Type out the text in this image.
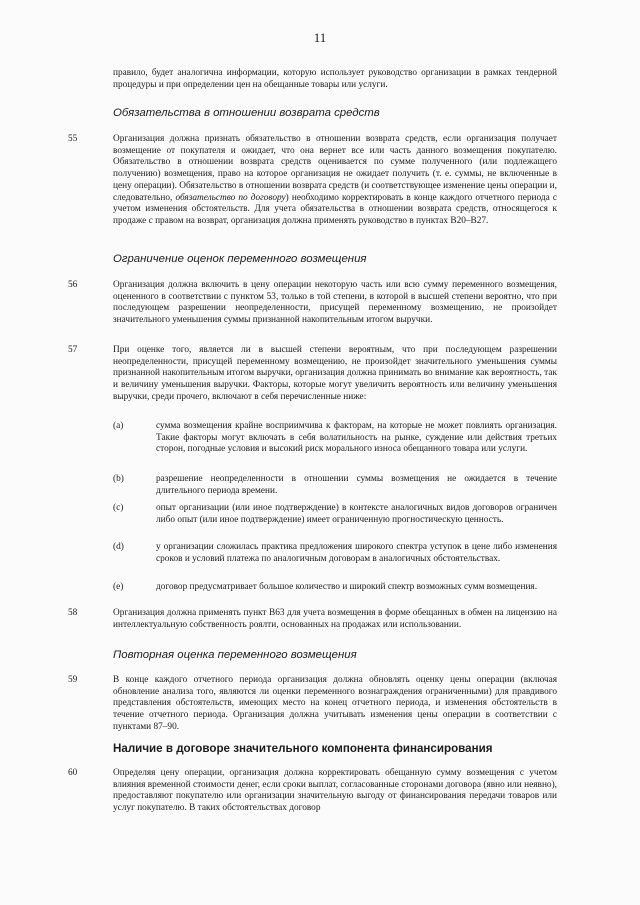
11
правило, будет аналогична информации, которую использует руководство организации в рамках тендерной процедуры и при определении цен на обещанные товары или услуги.
Обязательства в отношении возврата средств
55	Организация должна признать обязательство в отношении возврата средств, если организация получает возмещение от покупателя и ожидает, что она вернет все или часть данного возмещения покупателю. Обязательство в отношении возврата средств оценивается по сумме полученного (или подлежащего получению) возмещения, право на которое организация не ожидает получить (т. е. суммы, не включенные в цену операции). Обязательство в отношении возврата средств (и соответствующее изменение цены операции и, следовательно, обязательство по договору) необходимо корректировать в конце каждого отчетного периода с учетом изменения обстоятельств. Для учета обязательства в отношении возврата средств, относящегося к продаже с правом на возврат, организация должна применять руководство в пунктах B20–B27.
Ограничение оценок переменного возмещения
56	Организация должна включить в цену операции некоторую часть или всю сумму переменного возмещения, оцененного в соответствии с пунктом 53, только в той степени, в которой в высшей степени вероятно, что при последующем разрешении неопределенности, присущей переменному возмещению, не произойдет значительного уменьшения суммы признанной накопительным итогом выручки.
57	При оценке того, является ли в высшей степени вероятным, что при последующем разрешении неопределенности, присущей переменному возмещению, не произойдет значительного уменьшения суммы признанной накопительным итогом выручки, организация должна принимать во внимание как вероятность, так и величину уменьшения выручки. Факторы, которые могут увеличить вероятность или величину уменьшения выручки, среди прочего, включают в себя перечисленные ниже:
(a)	сумма возмещения крайне восприимчива к факторам, на которые не может повлиять организация. Такие факторы могут включать в себя волатильность на рынке, суждение или действия третьих сторон, погодные условия и высокий риск морального износа обещанного товара или услуги.
(b)	разрешение неопределенности в отношении суммы возмещения не ожидается в течение длительного периода времени.
(c)	опыт организации (или иное подтверждение) в контексте аналогичных видов договоров ограничен либо опыт (или иное подтверждение) имеет ограниченную прогностическую ценность.
(d)	у организации сложилась практика предложения широкого спектра уступок в цене либо изменения сроков и условий платежа по аналогичным договорам в аналогичных обстоятельствах.
(e)	договор предусматривает большое количество и широкий спектр возможных сумм возмещения.
58	Организация должна применять пункт B63 для учета возмещения в форме обещанных в обмен на лицензию на интеллектуальную собственность роялти, основанных на продажах или использовании.
Повторная оценка переменного возмещения
59	В конце каждого отчетного периода организация должна обновлять оценку цены операции (включая обновление анализа того, являются ли оценки переменного вознаграждения ограниченными) для правдивого представления обстоятельств, имеющих место на конец отчетного периода, и изменения обстоятельств в течение отчетного периода. Организация должна учитывать изменения цены операции в соответствии с пунктами 87–90.
Наличие в договоре значительного компонента финансирования
60	Определяя цену операции, организация должна корректировать обещанную сумму возмещения с учетом влияния временной стоимости денег, если сроки выплат, согласованные сторонами договора (явно или неявно), предоставляют покупателю или организации значительную выгоду от финансирования передачи товаров или услуг покупателю. В таких обстоятельствах договор
